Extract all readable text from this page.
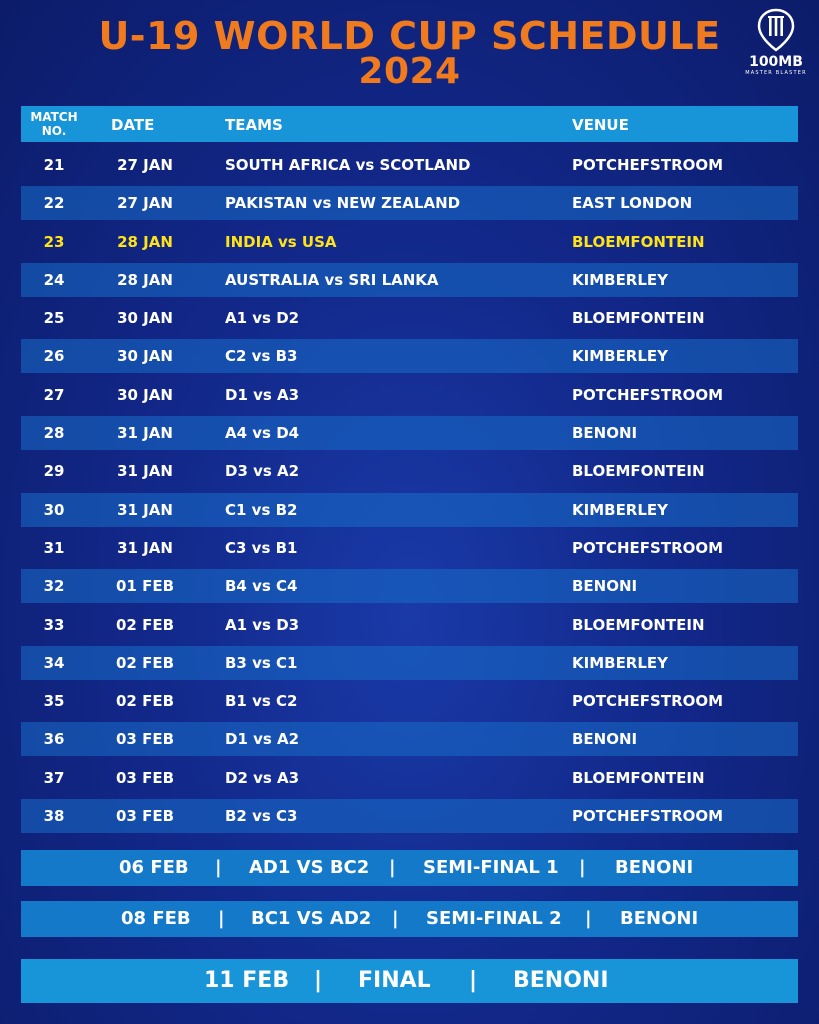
U-19 WORLD CUP SCHEDULE
2024	100MB
MASTER BLASTER
MATCH NO.	DATE	TEAMS	VENUE
21	27 JAN	SOUTH AFRICA vs SCOTLAND	POTCHEFSTROOM
22	27 JAN	PAKISTAN vs NEW ZEALAND	EAST LONDON
23	28 JAN	INDIA vs USA	BLOEMFONTEIN
24	28 JAN	AUSTRALIA vs SRI LANKA	KIMBERLEY
25	30 JAN	A1 vs D2	BLOEMFONTEIN
26	30 JAN	C2 vs B3	KIMBERLEY
27	30 JAN	D1 vs A3	POTCHEFSTROOM
28	31 JAN	A4 vs D4	BENONI
29	31 JAN	D3 vs A2	BLOEMFONTEIN
30	31 JAN	C1 vs B2	KIMBERLEY
31	31 JAN	C3 vs B1	POTCHEFSTROOM
32	01 FEB	B4 vs C4	BENONI
33	02 FEB	A1 vs D3	BLOEMFONTEIN
34	02 FEB	B3 vs C1	KIMBERLEY
35	02 FEB	B1 vs C2	POTCHEFSTROOM
36	03 FEB	D1 vs A2	BENONI
37	03 FEB	D2 vs A3	BLOEMFONTEIN
38	03 FEB	B2 vs C3	POTCHEFSTROOM
06 FEB | AD1 VS BC2 | SEMI-FINAL 1 | BENONI
08 FEB | BC1 VS AD2 | SEMI-FINAL 2 | BENONI
11 FEB | FINAL | BENONI
